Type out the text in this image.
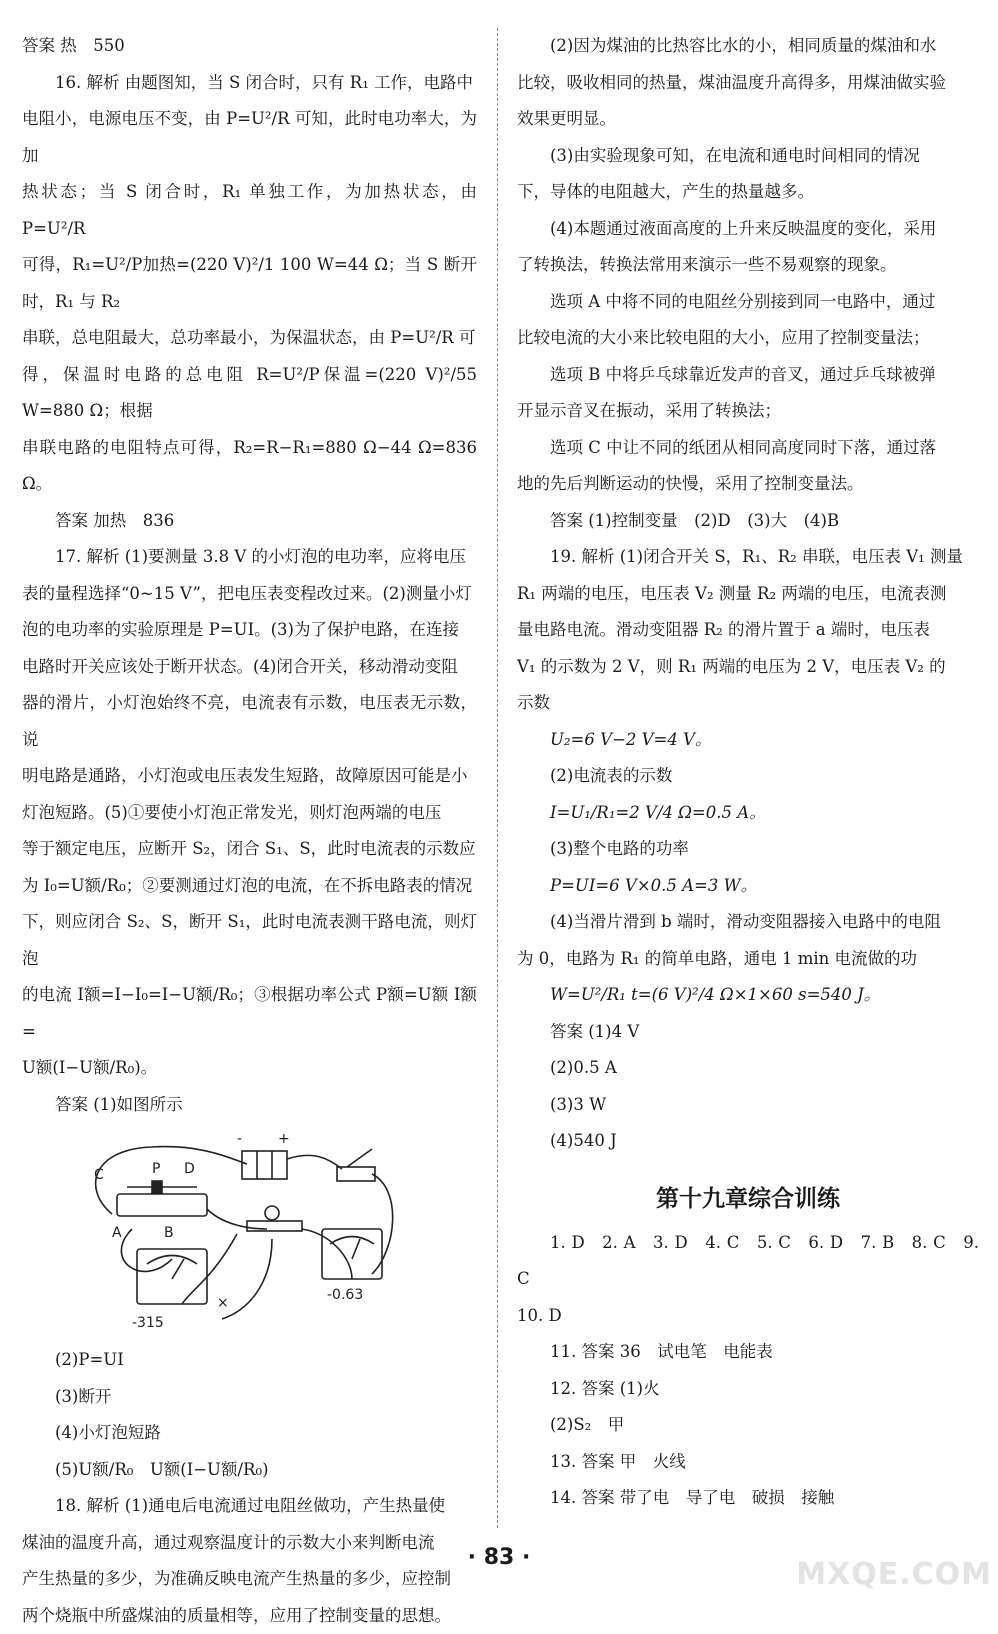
答案 热　550

16. 解析 由题图知，当 S 闭合时，只有 R₁ 工作，电路中

电阻小，电源电压不变，由 P=U²/R 可知，此时电功率大，为加

热状态；当 S 闭合时，R₁ 单独工作，为加热状态，由 P=U²/R

可得，R₁=U²/P加热=(220 V)²/1 100 W=44 Ω；当 S 断开时，R₁ 与 R₂

串联，总电阻最大，总功率最小，为保温状态，由 P=U²/R 可

得，保温时电路的总电阻 R=U²/P保温=(220 V)²/55 W=880 Ω；根据

串联电路的电阻特点可得，R₂=R−R₁=880 Ω−44 Ω=836 Ω。

答案 加热　836

17. 解析 (1)要测量 3.8 V 的小灯泡的电功率，应将电压

表的量程选择“0~15 V”，把电压表变程改过来。(2)测量小灯

泡的电功率的实验原理是 P=UI。(3)为了保护电路，在连接

电路时开关应该处于断开状态。(4)闭合开关，移动滑动变阻

器的滑片，小灯泡始终不亮，电流表有示数，电压表无示数，说

明电路是通路，小灯泡或电压表发生短路，故障原因可能是小

灯泡短路。(5)①要使小灯泡正常发光，则灯泡两端的电压

等于额定电压，应断开 S₂，闭合 S₁、S，此时电流表的示数应

为 I₀=U额/R₀；②要测通过灯泡的电流，在不拆电路表的情况

下，则应闭合 S₂、S，断开 S₁，此时电流表测干路电流，则灯泡

的电流 I额=I−I₀=I−U额/R₀；③根据功率公式 P额=U额 I额=

U额(I−U额/R₀)。

答案 (1)如图所示

C	P D
A	B
-	+
-315
-0.63
×

(2)P=UI

(3)断开

(4)小灯泡短路

(5)U额/R₀　U额(I−U额/R₀)

18. 解析 (1)通电后电流通过电阻丝做功，产生热量使

煤油的温度升高，通过观察温度计的示数大小来判断电流

产生热量的多少，为准确反映电流产生热量的多少，应控制

两个烧瓶中所盛煤油的质量相等，应用了控制变量的思想。

(2)因为煤油的比热容比水的小，相同质量的煤油和水

比较，吸收相同的热量，煤油温度升高得多，用煤油做实验

效果更明显。

(3)由实验现象可知，在电流和通电时间相同的情况

下，导体的电阻越大，产生的热量越多。

(4)本题通过液面高度的上升来反映温度的变化，采用

了转换法，转换法常用来演示一些不易观察的现象。

选项 A 中将不同的电阻丝分别接到同一电路中，通过

比较电流的大小来比较电阻的大小，应用了控制变量法；

选项 B 中将乒乓球靠近发声的音叉，通过乒乓球被弹

开显示音叉在振动，采用了转换法；

选项 C 中让不同的纸团从相同高度同时下落，通过落

地的先后判断运动的快慢，采用了控制变量法。

答案 (1)控制变量　(2)D　(3)大　(4)B

19. 解析 (1)闭合开关 S，R₁、R₂ 串联，电压表 V₁ 测量

R₁ 两端的电压，电压表 V₂ 测量 R₂ 两端的电压，电流表测

量电路电流。滑动变阻器 R₂ 的滑片置于 a 端时，电压表

V₁ 的示数为 2 V，则 R₁ 两端的电压为 2 V，电压表 V₂ 的

示数

U₂=6 V−2 V=4 V。

(2)电流表的示数

I=U₁/R₁=2 V/4 Ω=0.5 A。

(3)整个电路的功率

P=UI=6 V×0.5 A=3 W。

(4)当滑片滑到 b 端时，滑动变阻器接入电路中的电阻

为 0，电路为 R₁ 的简单电路，通电 1 min 电流做的功

W=U²/R₁ t=(6 V)²/4 Ω×1×60 s=540 J。

答案 (1)4 V

(2)0.5 A

(3)3 W

(4)540 J

第十九章综合训练

1. D　2. A　3. D　4. C　5. C　6. D　7. B　8. C　9. C

10. D

11. 答案 36　试电笔　电能表

12. 答案 (1)火

(2)S₂　甲

13. 答案 甲　火线

14. 答案 带了电　导了电　破损　接触

· 83 ·	MXQE.COM
